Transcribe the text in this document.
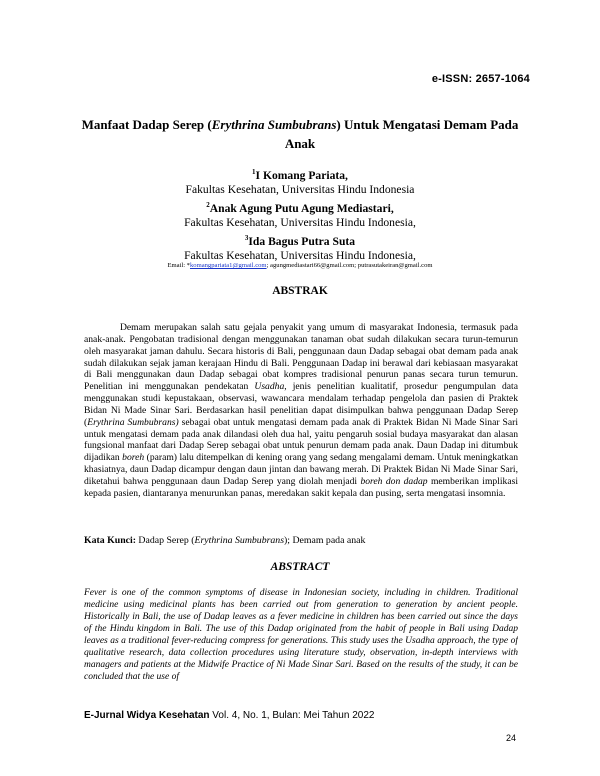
e-ISSN: 2657-1064
Manfaat Dadap Serep (Erythrina Sumbubrans) Untuk Mengatasi Demam Pada Anak
$^1$I Komang Pariata,
Fakultas Kesehatan, Universitas Hindu Indonesia
$^2$Anak Agung Putu Agung Mediastari,
Fakultas Kesehatan, Universitas Hindu Indonesia,
$^3$Ida Bagus Putra Suta
Fakultas Kesehatan, Universitas Hindu Indonesia,
Email: *komangpariata1@gmail.com; agungmediastari66@gmail.com; putrasutakeiran@gmail.com
ABSTRAK

Demam merupakan salah satu gejala penyakit yang umum di masyarakat Indonesia, termasuk pada anak-anak. Pengobatan tradisional dengan menggunakan tanaman obat sudah dilakukan secara turun-temurun oleh masyarakat jaman dahulu. Secara historis di Bali, penggunaan daun Dadap sebagai obat demam pada anak sudah dilakukan sejak jaman kerajaan Hindu di Bali. Penggunaan Dadap ini berawal dari kebiasaan masyarakat di Bali menggunakan daun Dadap sebagai obat kompres tradisional penurun panas secara turun temurun. Penelitian ini menggunakan pendekatan Usadha, jenis penelitian kualitatif, prosedur pengumpulan data menggunakan studi kepustakaan, observasi, wawancara mendalam terhadap pengelola dan pasien di Praktek Bidan Ni Made Sinar Sari. Berdasarkan hasil penelitian dapat disimpulkan bahwa penggunaan Dadap Serep (Erythrina Sumbubrans) sebagai obat untuk mengatasi demam pada anak di Praktek Bidan Ni Made Sinar Sari untuk mengatasi demam pada anak dilandasi oleh dua hal, yaitu pengaruh sosial budaya masyarakat dan alasan fungsional manfaat dari Dadap Serep sebagai obat untuk penurun demam pada anak. Daun Dadap ini ditumbuk dijadikan boreh (param) lalu ditempelkan di kening orang yang sedang mengalami demam. Untuk meningkatkan khasiatnya, daun Dadap dicampur dengan daun jintan dan bawang merah. Di Praktek Bidan Ni Made Sinar Sari, diketahui bahwa penggunaan daun Dadap Serep yang diolah menjadi boreh don dadap memberikan implikasi kepada pasien, diantaranya menurunkan panas, meredakan sakit kepala dan pusing, serta mengatasi insomnia.

Kata Kunci: Dadap Serep (Erythrina Sumbubrans); Demam pada anak
ABSTRACT
Fever is one of the common symptoms of disease in Indonesian society, including in children. Traditional medicine using medicinal plants has been carried out from generation to generation by ancient people. Historically in Bali, the use of Dadap leaves as a fever medicine in children has been carried out since the days of the Hindu kingdom in Bali. The use of this Dadap originated from the habit of people in Bali using Dadap leaves as a traditional fever-reducing compress for generations. This study uses the Usadha approach, the type of qualitative research, data collection procedures using literature study, observation, in-depth interviews with managers and patients at the Midwife Practice of Ni Made Sinar Sari. Based on the results of the study, it can be concluded that the use of
E-Jurnal Widya Kesehatan Vol. 4, No. 1, Bulan: Mei Tahun 2022
24
